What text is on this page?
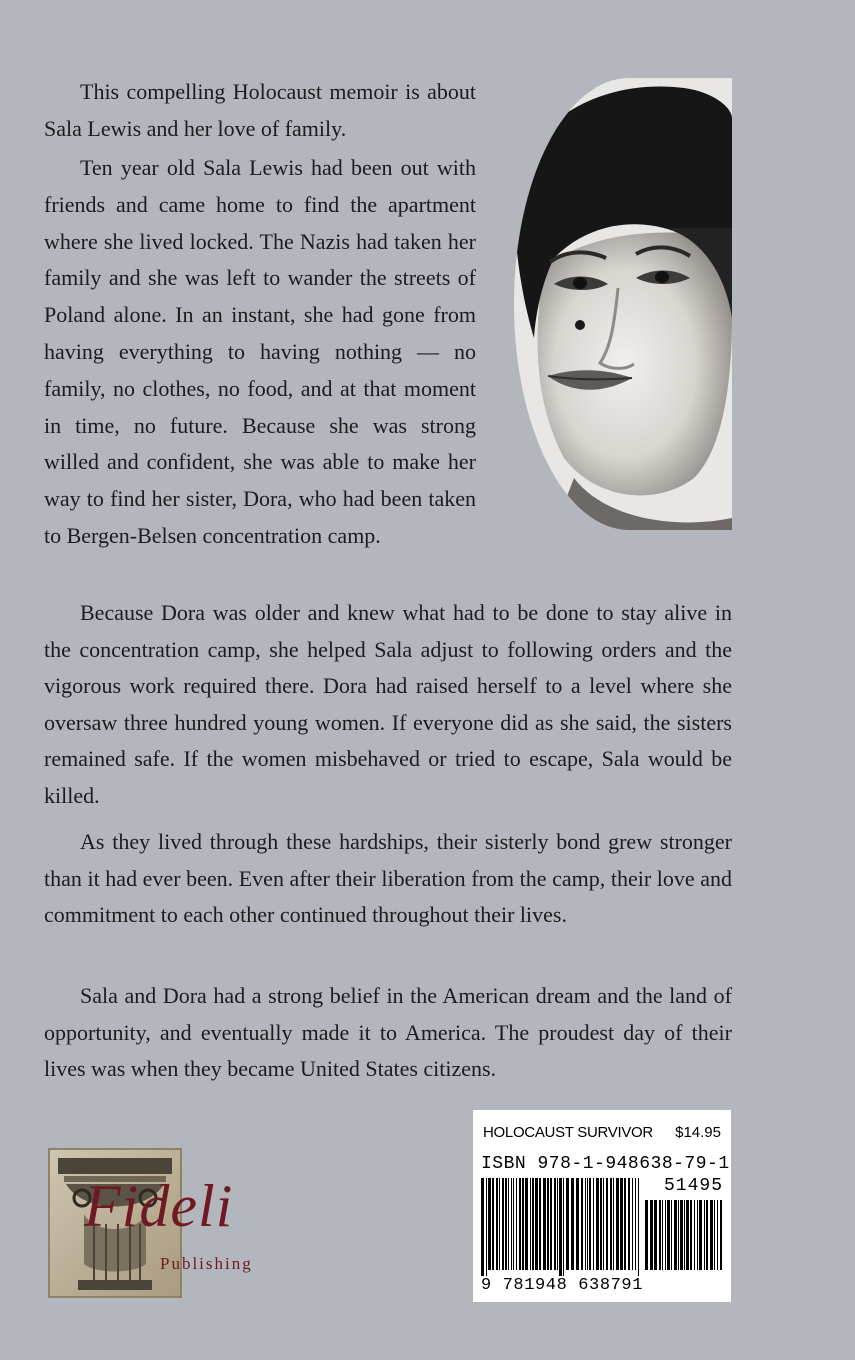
This compelling Holocaust memoir is about Sala Lewis and her love of family.

Ten year old Sala Lewis had been out with friends and came home to find the apartment where she lived locked. The Nazis had taken her family and she was left to wander the streets of Poland alone. In an instant, she had gone from having everything to having nothing — no family, no clothes, no food, and at that moment in time, no future. Because she was strong willed and confident, she was able to make her way to find her sister, Dora, who had been taken to Bergen-Belsen concentration camp.

Because Dora was older and knew what had to be done to stay alive in the concentration camp, she helped Sala adjust to following orders and the vigorous work required there. Dora had raised herself to a level where she oversaw three hundred young women. If everyone did as she said, the sisters remained safe. If the women misbehaved or tried to escape, Sala would be killed.

As they lived through these hardships, their sisterly bond grew stronger than it had ever been. Even after their liberation from the camp, their love and commitment to each other continued throughout their lives.

Sala and Dora had a strong belief in the American dream and the land of opportunity, and eventually made it to America. The proudest day of their lives was when they became United States citizens.

Fideli
Publishing
HOLOCAUST SURVIVOR $14.95
ISBN 978-1-948638-79-1
51495
9 781948 638791
